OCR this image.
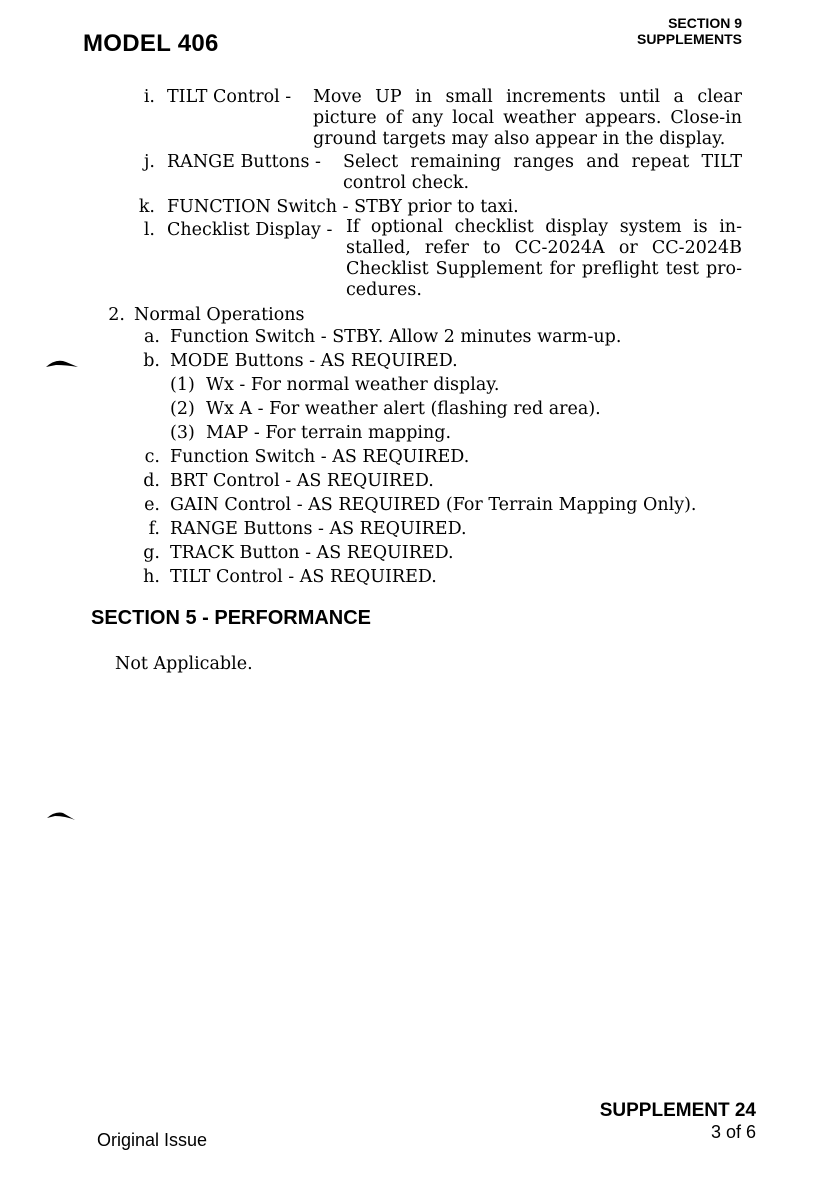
MODEL 406
SECTION 9
SUPPLEMENTS
i. TILT Control - Move UP in small increments until a clear
picture of any local weather appears. Close-in
ground targets may also appear in the display.
j. RANGE Buttons - Select remaining ranges and repeat TILT
control check.
k. FUNCTION Switch - STBY prior to taxi.
l. Checklist Display - If optional checklist display system is in-
stalled, refer to CC-2024A or CC-2024B
Checklist Supplement for preflight test pro-
cedures.
2. Normal Operations
a. Function Switch - STBY. Allow 2 minutes warm-up.
b. MODE Buttons - AS REQUIRED.
(1) Wx - For normal weather display.
(2) Wx A - For weather alert (flashing red area).
(3) MAP - For terrain mapping.
c. Function Switch - AS REQUIRED.
d. BRT Control - AS REQUIRED.
e. GAIN Control - AS REQUIRED (For Terrain Mapping Only).
f. RANGE Buttons - AS REQUIRED.
g. TRACK Button - AS REQUIRED.
h. TILT Control - AS REQUIRED.
SECTION 5 - PERFORMANCE
Not Applicable.
Original Issue
SUPPLEMENT 24
3 of 6
